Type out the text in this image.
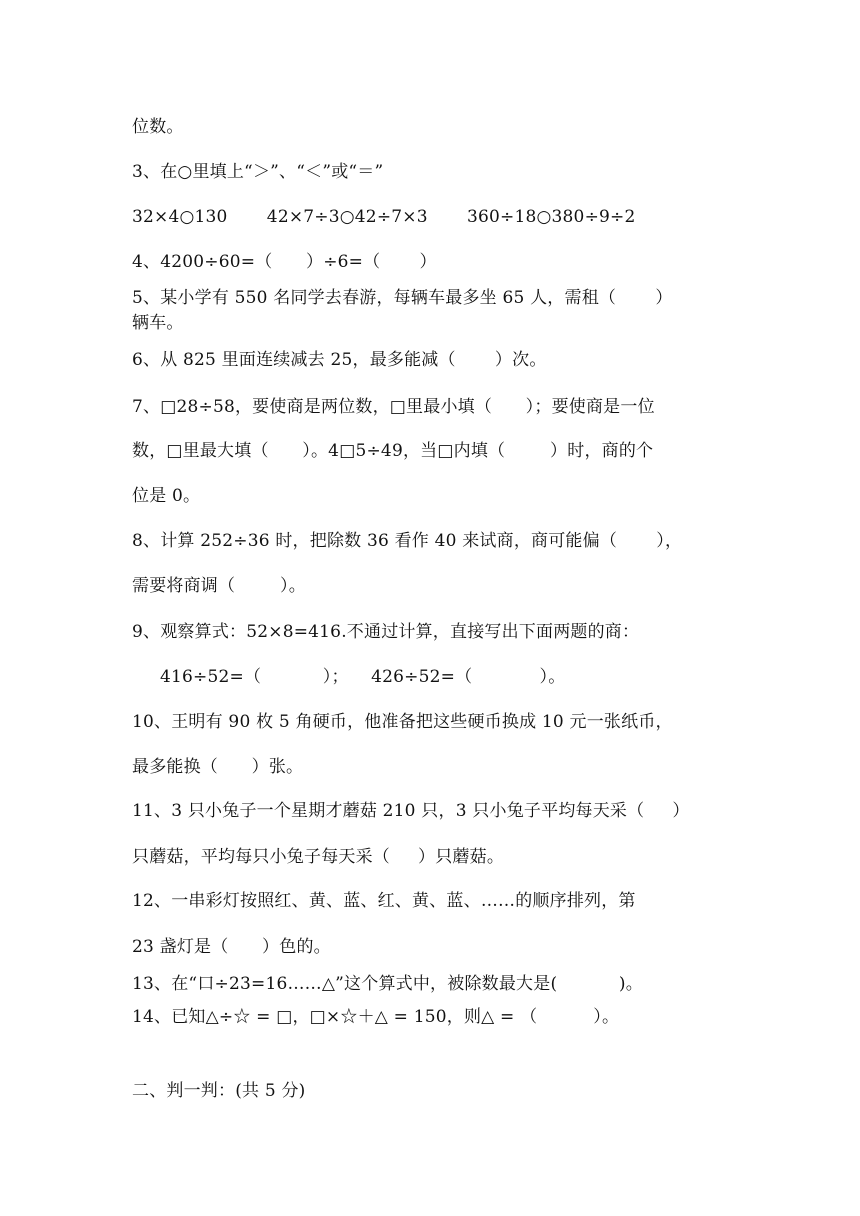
位数。
3、在○里填上“＞”、“＜”或“＝”
32×4○130       42×7÷3○42÷7×3       360÷18○380÷9÷2
4、4200÷60=（      ）÷6=（       ）
5、某小学有 550 名同学去春游，每辆车最多坐 65 人，需租（       ）
辆车。
6、从 825 里面连续减去 25，最多能减（       ）次。
7、□28÷58，要使商是两位数，□里最小填（      ）；要使商是一位
数，□里最大填（      ）。4□5÷49，当□内填（        ）时，商的个
位是 0。
8、计算 252÷36 时，把除数 36 看作 40 来试商，商可能偏（       ），
需要将商调（        ）。
9、观察算式：52×8=416.不通过计算，直接写出下面两题的商：
416÷52=（           ）；    426÷52=（            ）。
10、王明有 90 枚 5 角硬币，他准备把这些硬币换成 10 元一张纸币，
最多能换（      ）张。
11、3 只小兔子一个星期才蘑菇 210 只，3 只小兔子平均每天采（     ）
只蘑菇，平均每只小兔子每天采（     ）只蘑菇。
12、一串彩灯按照红、黄、蓝、红、黄、蓝、……的顺序排列，第
23 盏灯是（      ）色的。
13、在“口÷23=16……△”这个算式中，被除数最大是(           )。
14、已知△÷☆ = □，□×☆＋△ = 150，则△ = （          ）。
二、判一判：(共 5 分)
